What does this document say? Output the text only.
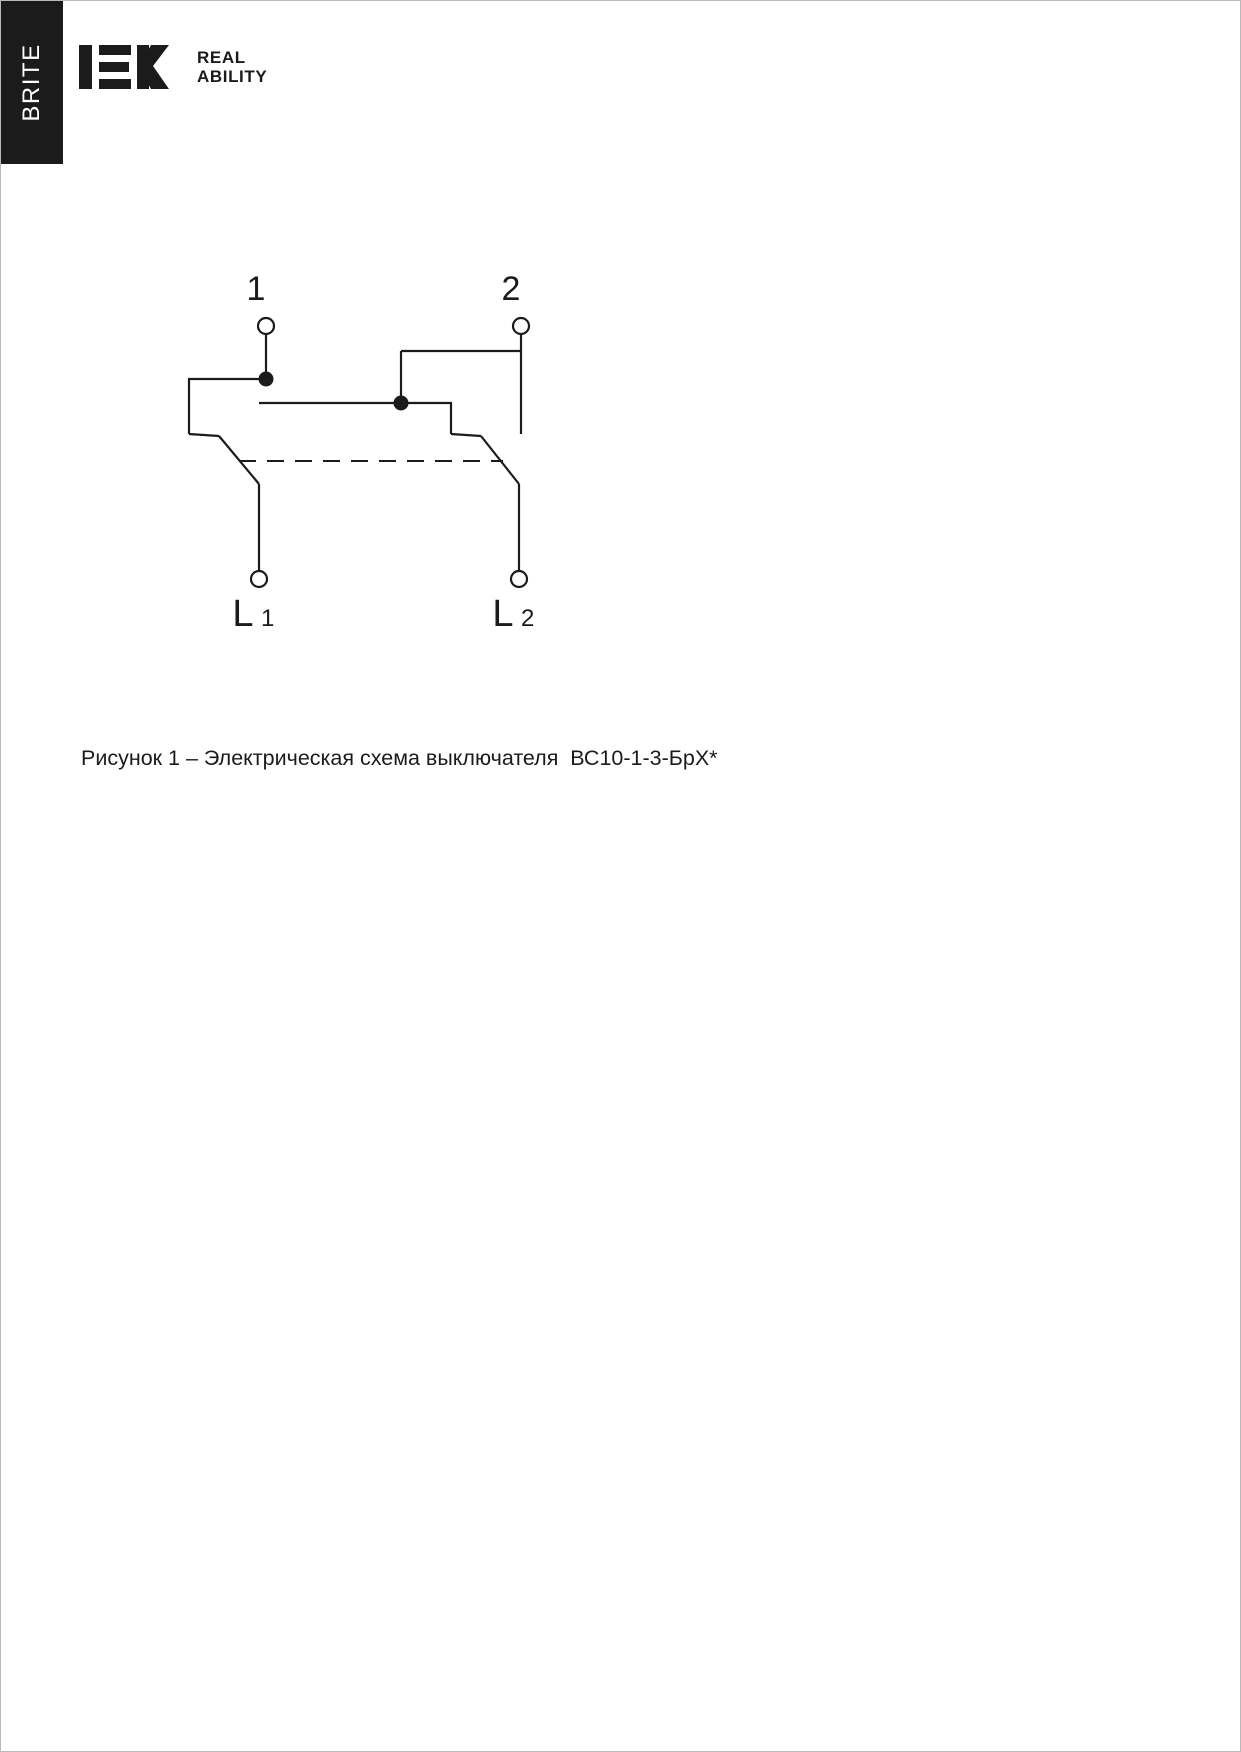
BRITE	REAL
ABILITY
1	2
L 1	L 2
Рисунок 1 – Электрическая схема выключателя  ВС10-1-3-БрХ*
